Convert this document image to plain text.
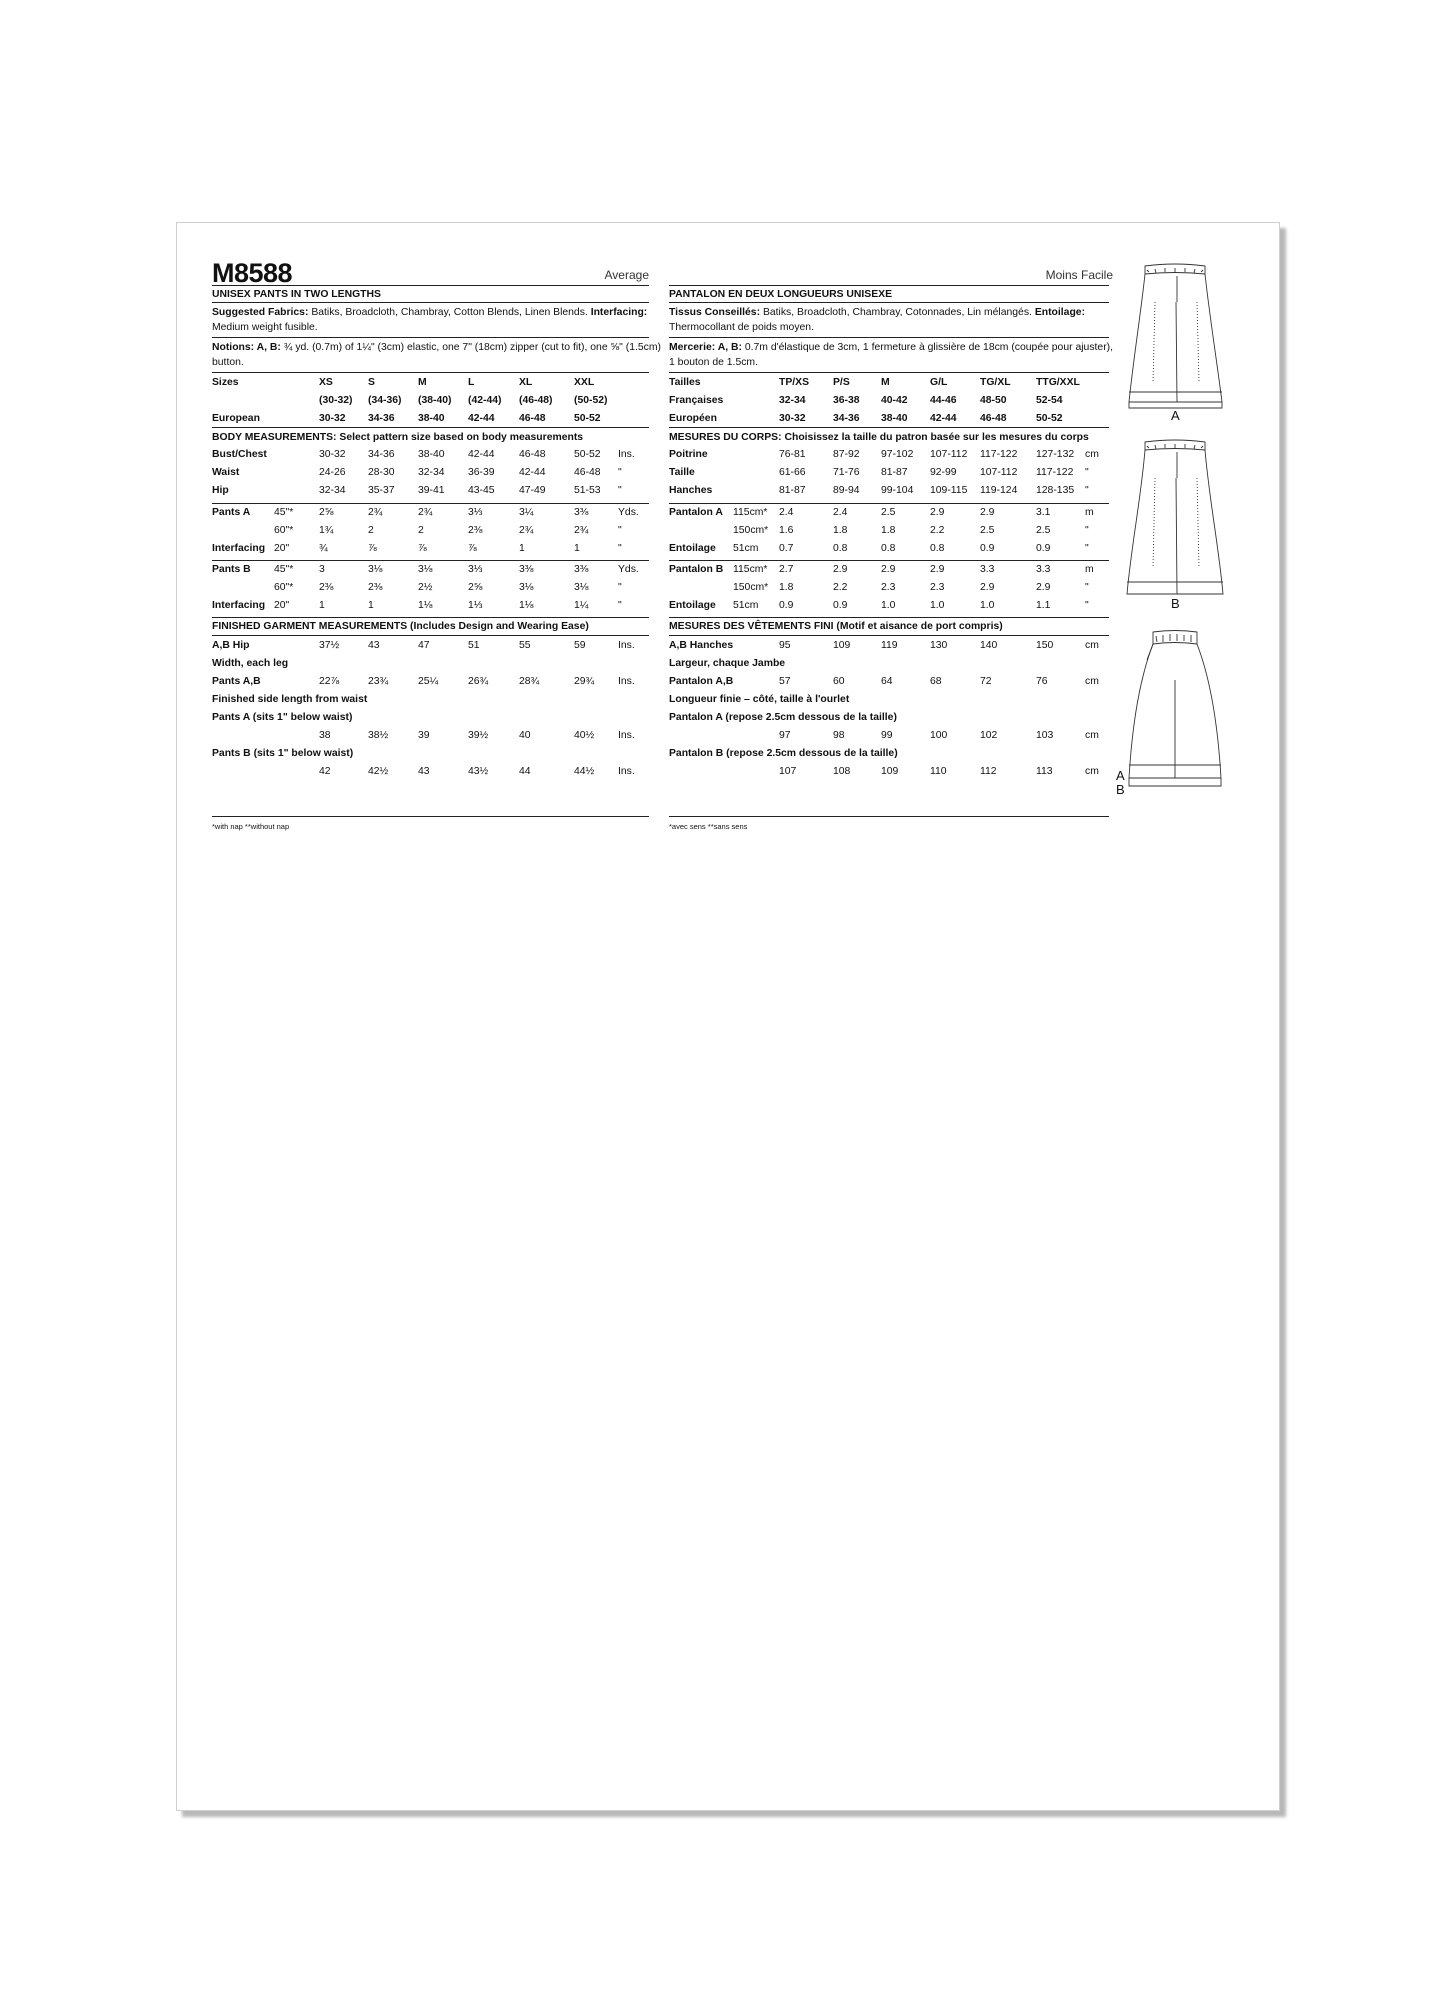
M8588	Average
UNISEX PANTS IN TWO LENGTHS
Suggested Fabrics: Batiks, Broadcloth, Chambray, Cotton Blends, Linen Blends. Interfacing:
Medium weight fusible.
Notions: A, B: ¾ yd. (0.7m) of 1¼" (3cm) elastic, one 7" (18cm) zipper (cut to fit), one ⅝" (1.5cm)
button.
*with nap **without nap
Sizes	XS	S	M	L	XL	XXL
(30-32) (34-36) (38-40) (42-44) (46-48) (50-52)
European	30-32 34-36 38-40 42-44 46-48	50-52
BODY MEASUREMENTS: Select pattern size based on body measurements
Bust/Chest	30-32 34-36 38-40 42-44 46-48	50-52 Ins.
Waist	24-26 28-30 32-34 36-39 42-44	46-48 "
Hip	32-34 35-37 39-41 43-45 47-49	51-53 "
Pants A 45"* 2⅝	2¾	2¾	3⅓	3¼	3⅜	Yds.
60"* 1¾	2	2	2⅜	2¾	2¾	"
Interfacing 20"	¾	⅞	⅞	⅞	1	1	"
Pants B 45"* 3	3⅛	3⅛	3⅓	3⅜	3⅜	Yds.
60"* 2⅜	2⅜	2½	2⅝	3⅛	3⅛	"
Interfacing 20"	1	1	1⅛	1⅓	1⅛	1¼	"
FINISHED GARMENT MEASUREMENTS (Includes Design and Wearing Ease)
A,B Hip	37½	43	47	51	55	59	Ins.
Width, each leg
Pants A,B	22⅞	23¾	25¼	26¾	28¾	29¾ Ins.
Finished side length from waist
Pants A (sits 1" below waist)
38	38½	39	39½	40	40½ Ins.
Pants B (sits 1" below waist)
42	42½	43	43½	44	44½ Ins.
Moins Facile
PANTALON EN DEUX LONGUEURS UNISEXE
Tissus Conseillés: Batiks, Broadcloth, Chambray, Cotonnades, Lin mélangés. Entoilage:
Thermocollant de poids moyen.
Mercerie: A, B: 0.7m d'élastique de 3cm, 1 fermeture à glissière de 18cm (coupée pour ajuster),
1 bouton de 1.5cm.
*avec sens **sans sens
Tailles	TP/XS P/S	M	G/L	TG/XL TTG/XXL
Françaises	32-34	36-38 40-42 44-46 48-50	52-54
Européen	30-32	34-36 38-40 42-44 46-48	50-52
MESURES DU CORPS: Choisissez la taille du patron basée sur les mesures du corps
Poitrine	76-81	87-92 97-102 107-112 117-122 127-132 cm
Taille	61-66	71-76 81-87 92-99 107-112 117-122 "
Hanches	81-87	89-94 99-104 109-115 119-124 128-135 "
Pantalon A 115cm* 2.4	2.4	2.5	2.9	2.9	3.1	m
150cm* 1.6	1.8	1.8	2.2	2.5	2.5	"
Entoilage 51cm 0.7	0.8	0.8	0.8	0.9	0.9	"
Pantalon B 115cm* 2.7	2.9	2.9	2.9	3.3	3.3	m
150cm* 1.8	2.2	2.3	2.3	2.9	2.9	"
Entoilage 51cm 0.9	0.9	1.0	1.0	1.0	1.1	"
MESURES DES VÊTEMENTS FINI (Motif et aisance de port compris)
A,B Hanches	95	109	119	130	140	150	cm
Largeur, chaque Jambe
Pantalon A,B	57	60	64	68	72	76	cm
Longueur finie – côté, taille à l'ourlet
Pantalon A (repose 2.5cm dessous de la taille)
97	98	99	100	102	103	cm
Pantalon B (repose 2.5cm dessous de la taille)
107	108	109	110	112	113	cm
A
B
A
B
